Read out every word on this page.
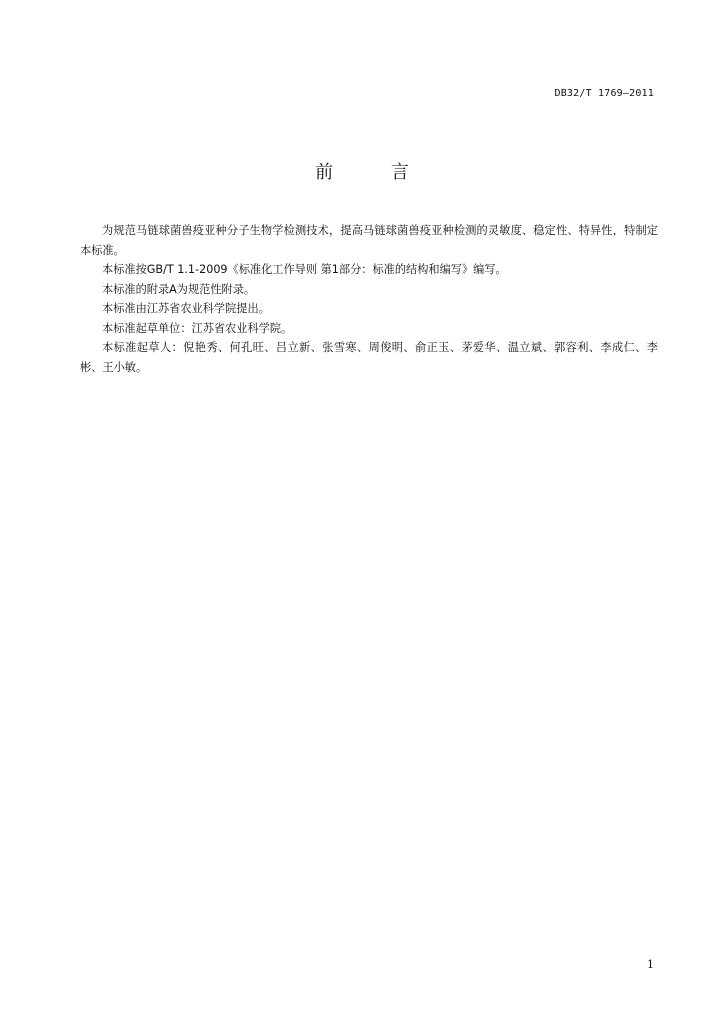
DB32/T 1769—2011
前 言

为规范马链球菌兽疫亚种分子生物学检测技术，提高马链球菌兽疫亚种检测的灵敏度、稳定性、特异性，特制定本标准。

本标准按GB/T 1.1-2009《标准化工作导则 第1部分：标准的结构和编写》编写。

本标准的附录A为规范性附录。

本标准由江苏省农业科学院提出。

本标准起草单位：江苏省农业科学院。

本标准起草人：倪艳秀、何孔旺、吕立新、张雪寒、周俊明、俞正玉、茅爱华、温立斌、郭容利、李成仁、李彬、王小敏。

1
